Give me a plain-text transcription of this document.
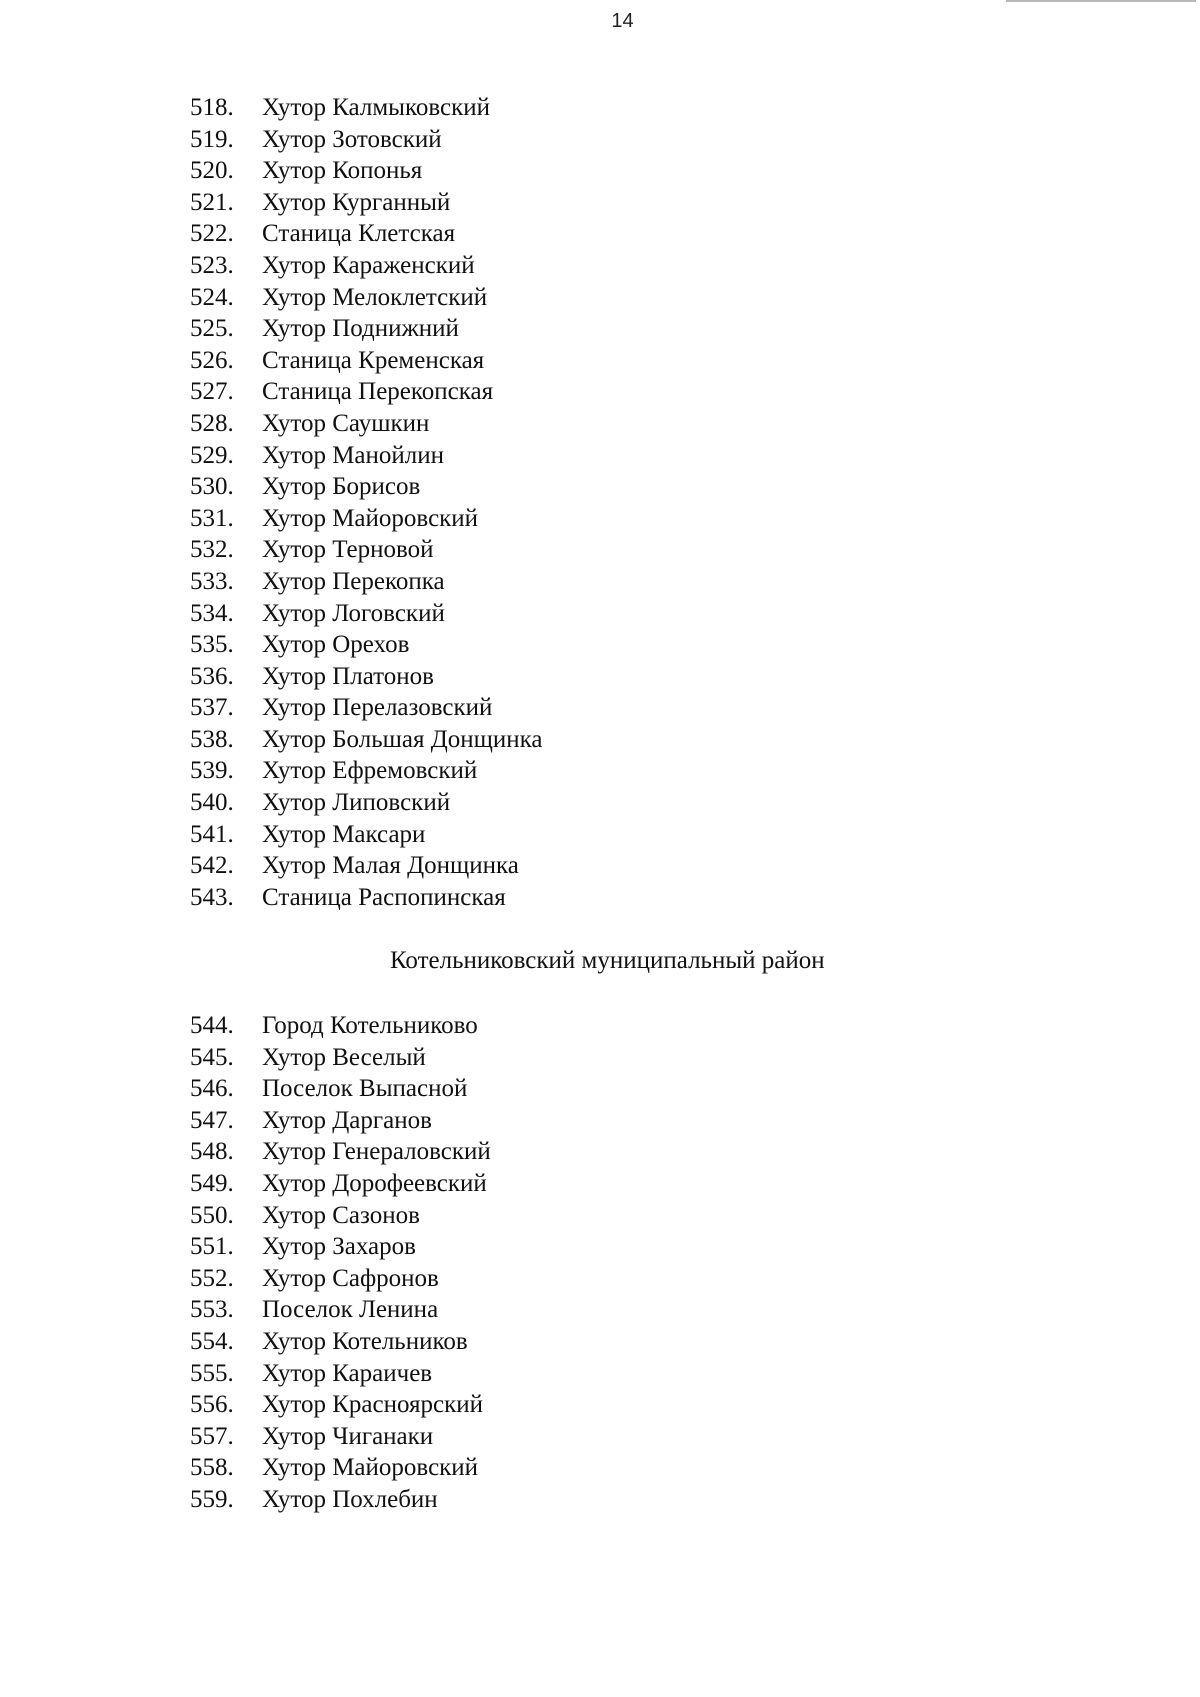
14
518.	Хутор Калмыковский
519.	Хутор Зотовский
520.	Хутор Копонья
521.	Хутор Курганный
522.	Станица Клетская
523.	Хутор Караженский
524.	Хутор Мелоклетский
525.	Хутор Поднижний
526.	Станица Кременская
527.	Станица Перекопская
528.	Хутор Саушкин
529.	Хутор Манойлин
530.	Хутор Борисов
531.	Хутор Майоровский
532.	Хутор Терновой
533.	Хутор Перекопка
534.	Хутор Логовский
535.	Хутор Орехов
536.	Хутор Платонов
537.	Хутор Перелазовский
538.	Хутор Большая Донщинка
539.	Хутор Ефремовский
540.	Хутор Липовский
541.	Хутор Максари
542.	Хутор Малая Донщинка
543.	Станица Распопинская
Котельниковский муниципальный район
544.	Город Котельниково
545.	Хутор Веселый
546.	Поселок Выпасной
547.	Хутор Дарганов
548.	Хутор Генераловский
549.	Хутор Дорофеевский
550.	Хутор Сазонов
551.	Хутор Захаров
552.	Хутор Сафронов
553.	Поселок Ленина
554.	Хутор Котельников
555.	Хутор Караичев
556.	Хутор Красноярский
557.	Хутор Чиганаки
558.	Хутор Майоровский
559.	Хутор Похлебин
